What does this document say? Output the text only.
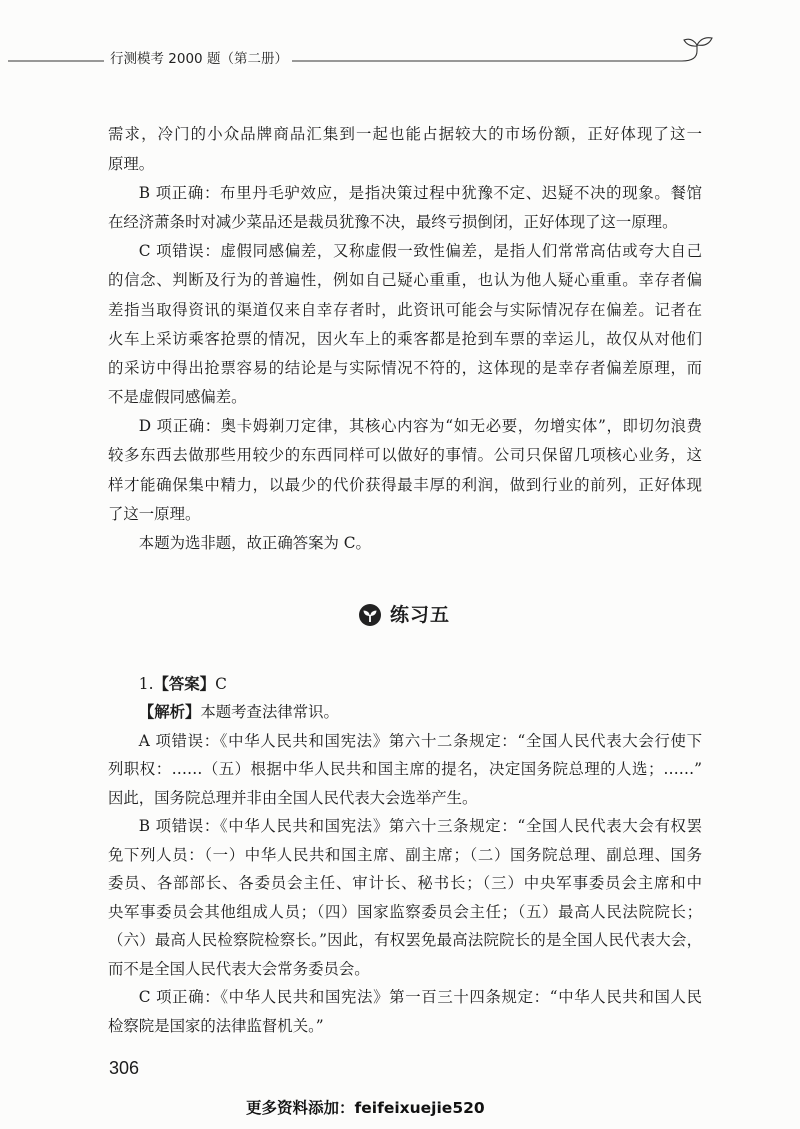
行测模考 2000 题（第二册）
需求，冷门的小众品牌商品汇集到一起也能占据较大的市场份额，正好体现了这一
原理。
B 项正确：布里丹毛驴效应，是指决策过程中犹豫不定、迟疑不决的现象。餐馆
在经济萧条时对减少菜品还是裁员犹豫不决，最终亏损倒闭，正好体现了这一原理。
C 项错误：虚假同感偏差，又称虚假一致性偏差，是指人们常常高估或夸大自己
的信念、判断及行为的普遍性，例如自己疑心重重，也认为他人疑心重重。幸存者偏
差指当取得资讯的渠道仅来自幸存者时，此资讯可能会与实际情况存在偏差。记者在
火车上采访乘客抢票的情况，因火车上的乘客都是抢到车票的幸运儿，故仅从对他们
的采访中得出抢票容易的结论是与实际情况不符的，这体现的是幸存者偏差原理，而
不是虚假同感偏差。
D 项正确：奥卡姆剃刀定律，其核心内容为“如无必要，勿增实体”，即切勿浪费
较多东西去做那些用较少的东西同样可以做好的事情。公司只保留几项核心业务，这
样才能确保集中精力，以最少的代价获得最丰厚的利润，做到行业的前列，正好体现
了这一原理。
本题为选非题，故正确答案为 C。
练习五
1.【答案】C
【解析】本题考查法律常识。
A 项错误：《中华人民共和国宪法》第六十二条规定：“全国人民代表大会行使下
列职权：……（五）根据中华人民共和国主席的提名，决定国务院总理的人选；……”
因此，国务院总理并非由全国人民代表大会选举产生。
B 项错误：《中华人民共和国宪法》第六十三条规定：“全国人民代表大会有权罢
免下列人员：（一）中华人民共和国主席、副主席；（二）国务院总理、副总理、国务
委员、各部部长、各委员会主任、审计长、秘书长；（三）中央军事委员会主席和中
央军事委员会其他组成人员；（四）国家监察委员会主任；（五）最高人民法院院长；
（六）最高人民检察院检察长。”因此，有权罢免最高法院院长的是全国人民代表大会，
而不是全国人民代表大会常务委员会。
C 项正确：《中华人民共和国宪法》第一百三十四条规定：“中华人民共和国人民
检察院是国家的法律监督机关。”
306
更多资料添加：feifeixuejie520
